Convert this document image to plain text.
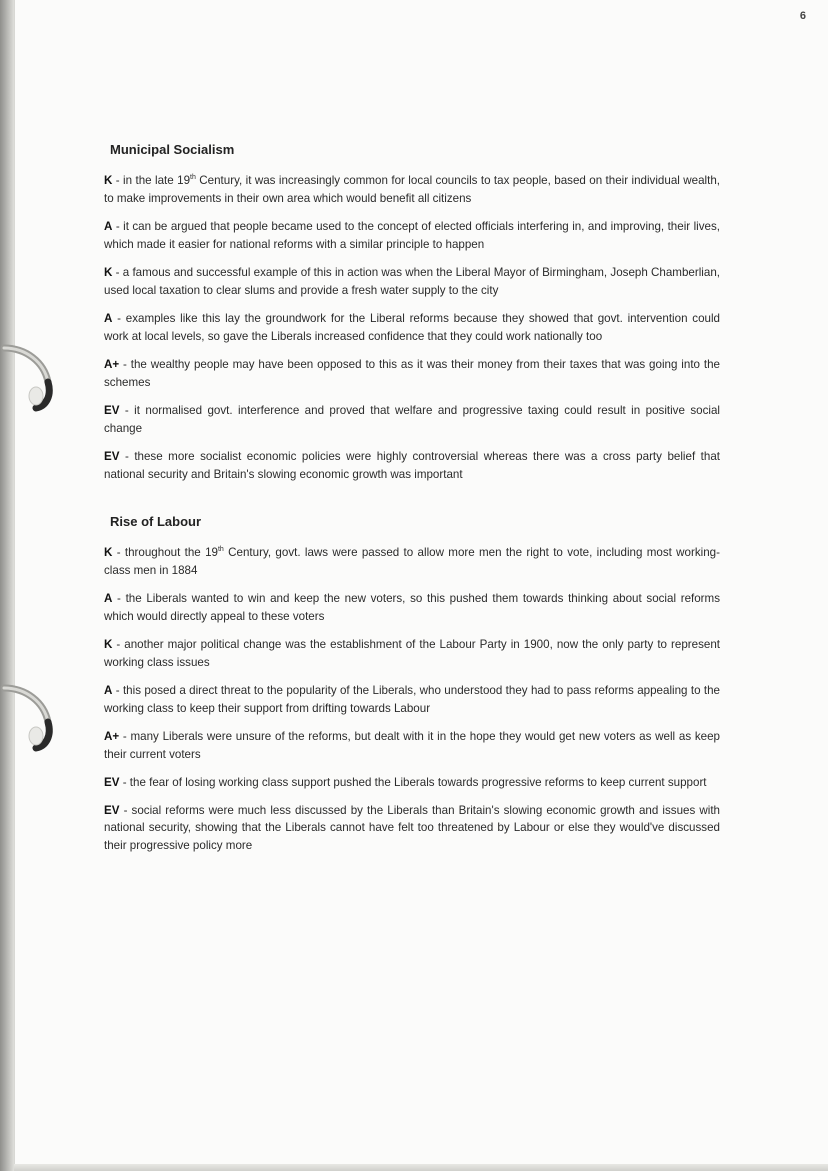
6
Municipal Socialism

K - in the late 19th Century, it was increasingly common for local councils to tax people, based on their individual wealth, to make improvements in their own area which would benefit all citizens

A - it can be argued that people became used to the concept of elected officials interfering in, and improving, their lives, which made it easier for national reforms with a similar principle to happen

K - a famous and successful example of this in action was when the Liberal Mayor of Birmingham, Joseph Chamberlian, used local taxation to clear slums and provide a fresh water supply to the city

A - examples like this lay the groundwork for the Liberal reforms because they showed that govt. intervention could work at local levels, so gave the Liberals increased confidence that they could work nationally too

A+ - the wealthy people may have been opposed to this as it was their money from their taxes that was going into the schemes

EV - it normalised govt. interference and proved that welfare and progressive taxing could result in positive social change

EV - these more socialist economic policies were highly controversial whereas there was a cross party belief that national security and Britain's slowing economic growth was important

Rise of Labour

K - throughout the 19th Century, govt. laws were passed to allow more men the right to vote, including most working-class men in 1884

A - the Liberals wanted to win and keep the new voters, so this pushed them towards thinking about social reforms which would directly appeal to these voters

K - another major political change was the establishment of the Labour Party in 1900, now the only party to represent working class issues

A - this posed a direct threat to the popularity of the Liberals, who understood they had to pass reforms appealing to the working class to keep their support from drifting towards Labour

A+ - many Liberals were unsure of the reforms, but dealt with it in the hope they would get new voters as well as keep their current voters

EV - the fear of losing working class support pushed the Liberals towards progressive reforms to keep current support

EV - social reforms were much less discussed by the Liberals than Britain's slowing economic growth and issues with national security, showing that the Liberals cannot have felt too threatened by Labour or else they would've discussed their progressive policy more
